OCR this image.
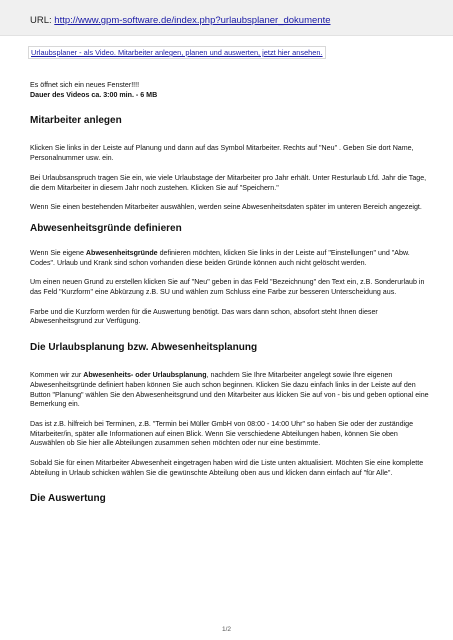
URL: http://www.gpm-software.de/index.php?urlaubsplaner_dokumente
Urlaubsplaner - als Video. Mitarbeiter anlegen, planen und auswerten, jetzt hier ansehen.

Es öffnet sich ein neues Fenster!!!!
Dauer des Videos ca. 3:00 min. - 6 MB

Mitarbeiter anlegen

Klicken Sie links in der Leiste auf Planung und dann auf das Symbol Mitarbeiter. Rechts auf "Neu" . Geben Sie dort Name, Personalnummer usw. ein.

Bei Urlaubsanspruch tragen Sie ein, wie viele Urlaubstage der Mitarbeiter pro Jahr erhält. Unter Resturlaub Lfd. Jahr die Tage, die dem Mitarbeiter in diesem Jahr noch zustehen. Klicken Sie auf "Speichern."

Wenn Sie einen bestehenden Mitarbeiter auswählen, werden seine Abwesenheitsdaten später im unteren Bereich angezeigt.

Abwesenheitsgründe definieren

Wenn Sie eigene Abwesenheitsgründe definieren möchten, klicken Sie links in der Leiste auf "Einstellungen" und "Abw. Codes". Urlaub und Krank sind schon vorhanden diese beiden Gründe können auch nicht gelöscht werden.

Um einen neuen Grund zu erstellen klicken Sie auf "Neu" geben in das Feld "Bezeichnung" den Text ein, z.B. Sonderurlaub in das Feld "Kurzform" eine Abkürzung z.B. SU und wählen zum Schluss eine Farbe zur besseren Unterscheidung aus.

Farbe und die Kurzform werden für die Auswertung benötigt. Das wars dann schon, absofort steht Ihnen dieser Abwesenheitsgrund zur Verfügung.

Die Urlaubsplanung bzw. Abwesenheitsplanung

Kommen wir zur Abwesenheits- oder Urlaubsplanung, nachdem Sie Ihre Mitarbeiter angelegt sowie Ihre eigenen Abwesenheitsgründe definiert haben können Sie auch schon beginnen. Klicken Sie dazu einfach links in der Leiste auf den Button "Planung" wählen Sie den Abwesenheitsgrund und den Mitarbeiter aus klicken Sie auf von - bis und geben optional eine Bemerkung ein.

Das ist z.B. hilfreich bei Terminen, z.B. "Termin bei Müller GmbH von 08:00 - 14:00 Uhr" so haben Sie oder der zuständige Mitarbeiter/in, später alle Informationen auf einen Blick. Wenn Sie verschiedene Abteilungen haben, können Sie oben Auswählen ob Sie hier alle Abteilungen zusammen sehen möchten oder nur eine bestimmte.

Sobald Sie für einen Mitarbeiter Abwesenheit eingetragen haben wird die Liste unten aktualisiert. Möchten Sie eine komplette Abteilung in Urlaub schicken wählen Sie die gewünschte Abteilung oben aus und klicken dann einfach auf "für Alle".

Die Auswertung
1/2
